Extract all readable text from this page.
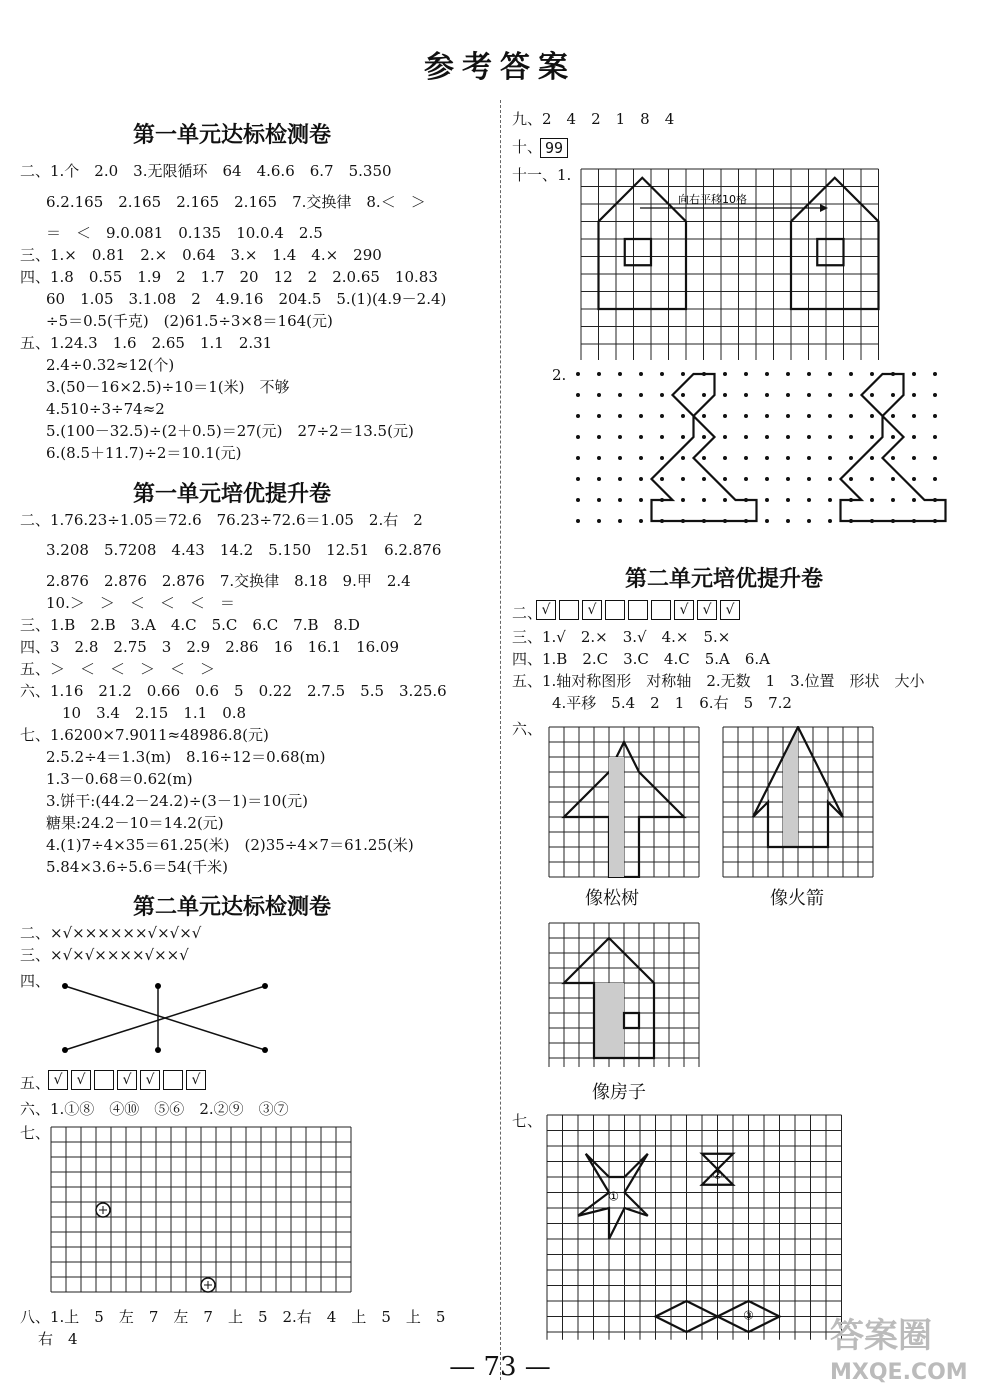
参考答案
第一单元达标检测卷
二、1.个　2.0　3.无限循环　64　4.6.6　6.7　5.350
6.2.165　2.165　2.165　2.165　7.交换律　8.＜　＞
＝　＜　9.0.081　0.135　10.0.4　2.5
三、1.×　0.81　2.×　0.64　3.×　1.4　4.×　290
四、1.8　0.55　1.9　2　1.7　20　12　2　2.0.65　10.83
60　1.05　3.1.08　2　4.9.16　204.5　5.(1)(4.9－2.4)
÷5＝0.5(千克)　(2)61.5÷3×8＝164(元)
五、1.24.3　1.6　2.65　1.1　2.31
2.4÷0.32≈12(个)
3.(50－16×2.5)÷10＝1(米)　不够
4.510÷3÷74≈2
5.(100－32.5)÷(2＋0.5)＝27(元)　27÷2＝13.5(元)
6.(8.5＋11.7)÷2＝10.1(元)
第一单元培优提升卷
二、1.76.23÷1.05＝72.6　76.23÷72.6＝1.05　2.右　2
3.208　5.7208　4.43　14.2　5.150　12.51　6.2.876
2.876　2.876　2.876　7.交换律　8.18　9.甲　2.4
10.＞　＞　＜　＜　＜　＝
三、1.B　2.B　3.A　4.C　5.C　6.C　7.B　8.D
四、3　2.8　2.75　3　2.9　2.86　16　16.1　16.09
五、＞　＜　＜　＞　＜　＞
六、1.16　21.2　0.66　0.6　5　0.22　2.7.5　5.5　3.25.6
10　3.4　2.15　1.1　0.8
七、1.6200×7.9011≈48986.8(元)
2.5.2÷4＝1.3(m)　8.16÷12＝0.68(m)
1.3－0.68＝0.62(m)
3.饼干:(44.2－24.2)÷(3－1)＝10(元)
糖果:24.2－10＝14.2(元)
4.(1)7÷4×35＝61.25(米)　(2)35÷4×7＝61.25(米)
5.84×3.6÷5.6＝54(千米)
第二单元达标检测卷
二、×√××××××√×√×√
三、×√×√××××√××√
四、
五、 √	√	√	√	√
六、1.①⑧　④⑩　⑤⑥　2.②⑨　③⑦
七、
八、1.上　5　左　7　左　7　上　5　2.右　4　上　5　上　5
右　4
九、2　4　2　1　8　4
十、 99
十一、1.
向右平移10格
2.
第二单元培优提升卷
二、 √	√	√	√	√
三、1.√　2.×　3.√　4.×　5.×
四、1.B　2.C　3.C　4.C　5.A　6.A
五、1.轴对称图形　对称轴　2.无数　1　3.位置　形状　大小
4.平移　5.4　2　1　6.右　5　7.2
六、
像松树	像火箭
像房子
七、
①
②
③
— 73 —
答案圈
MXQE.COM
